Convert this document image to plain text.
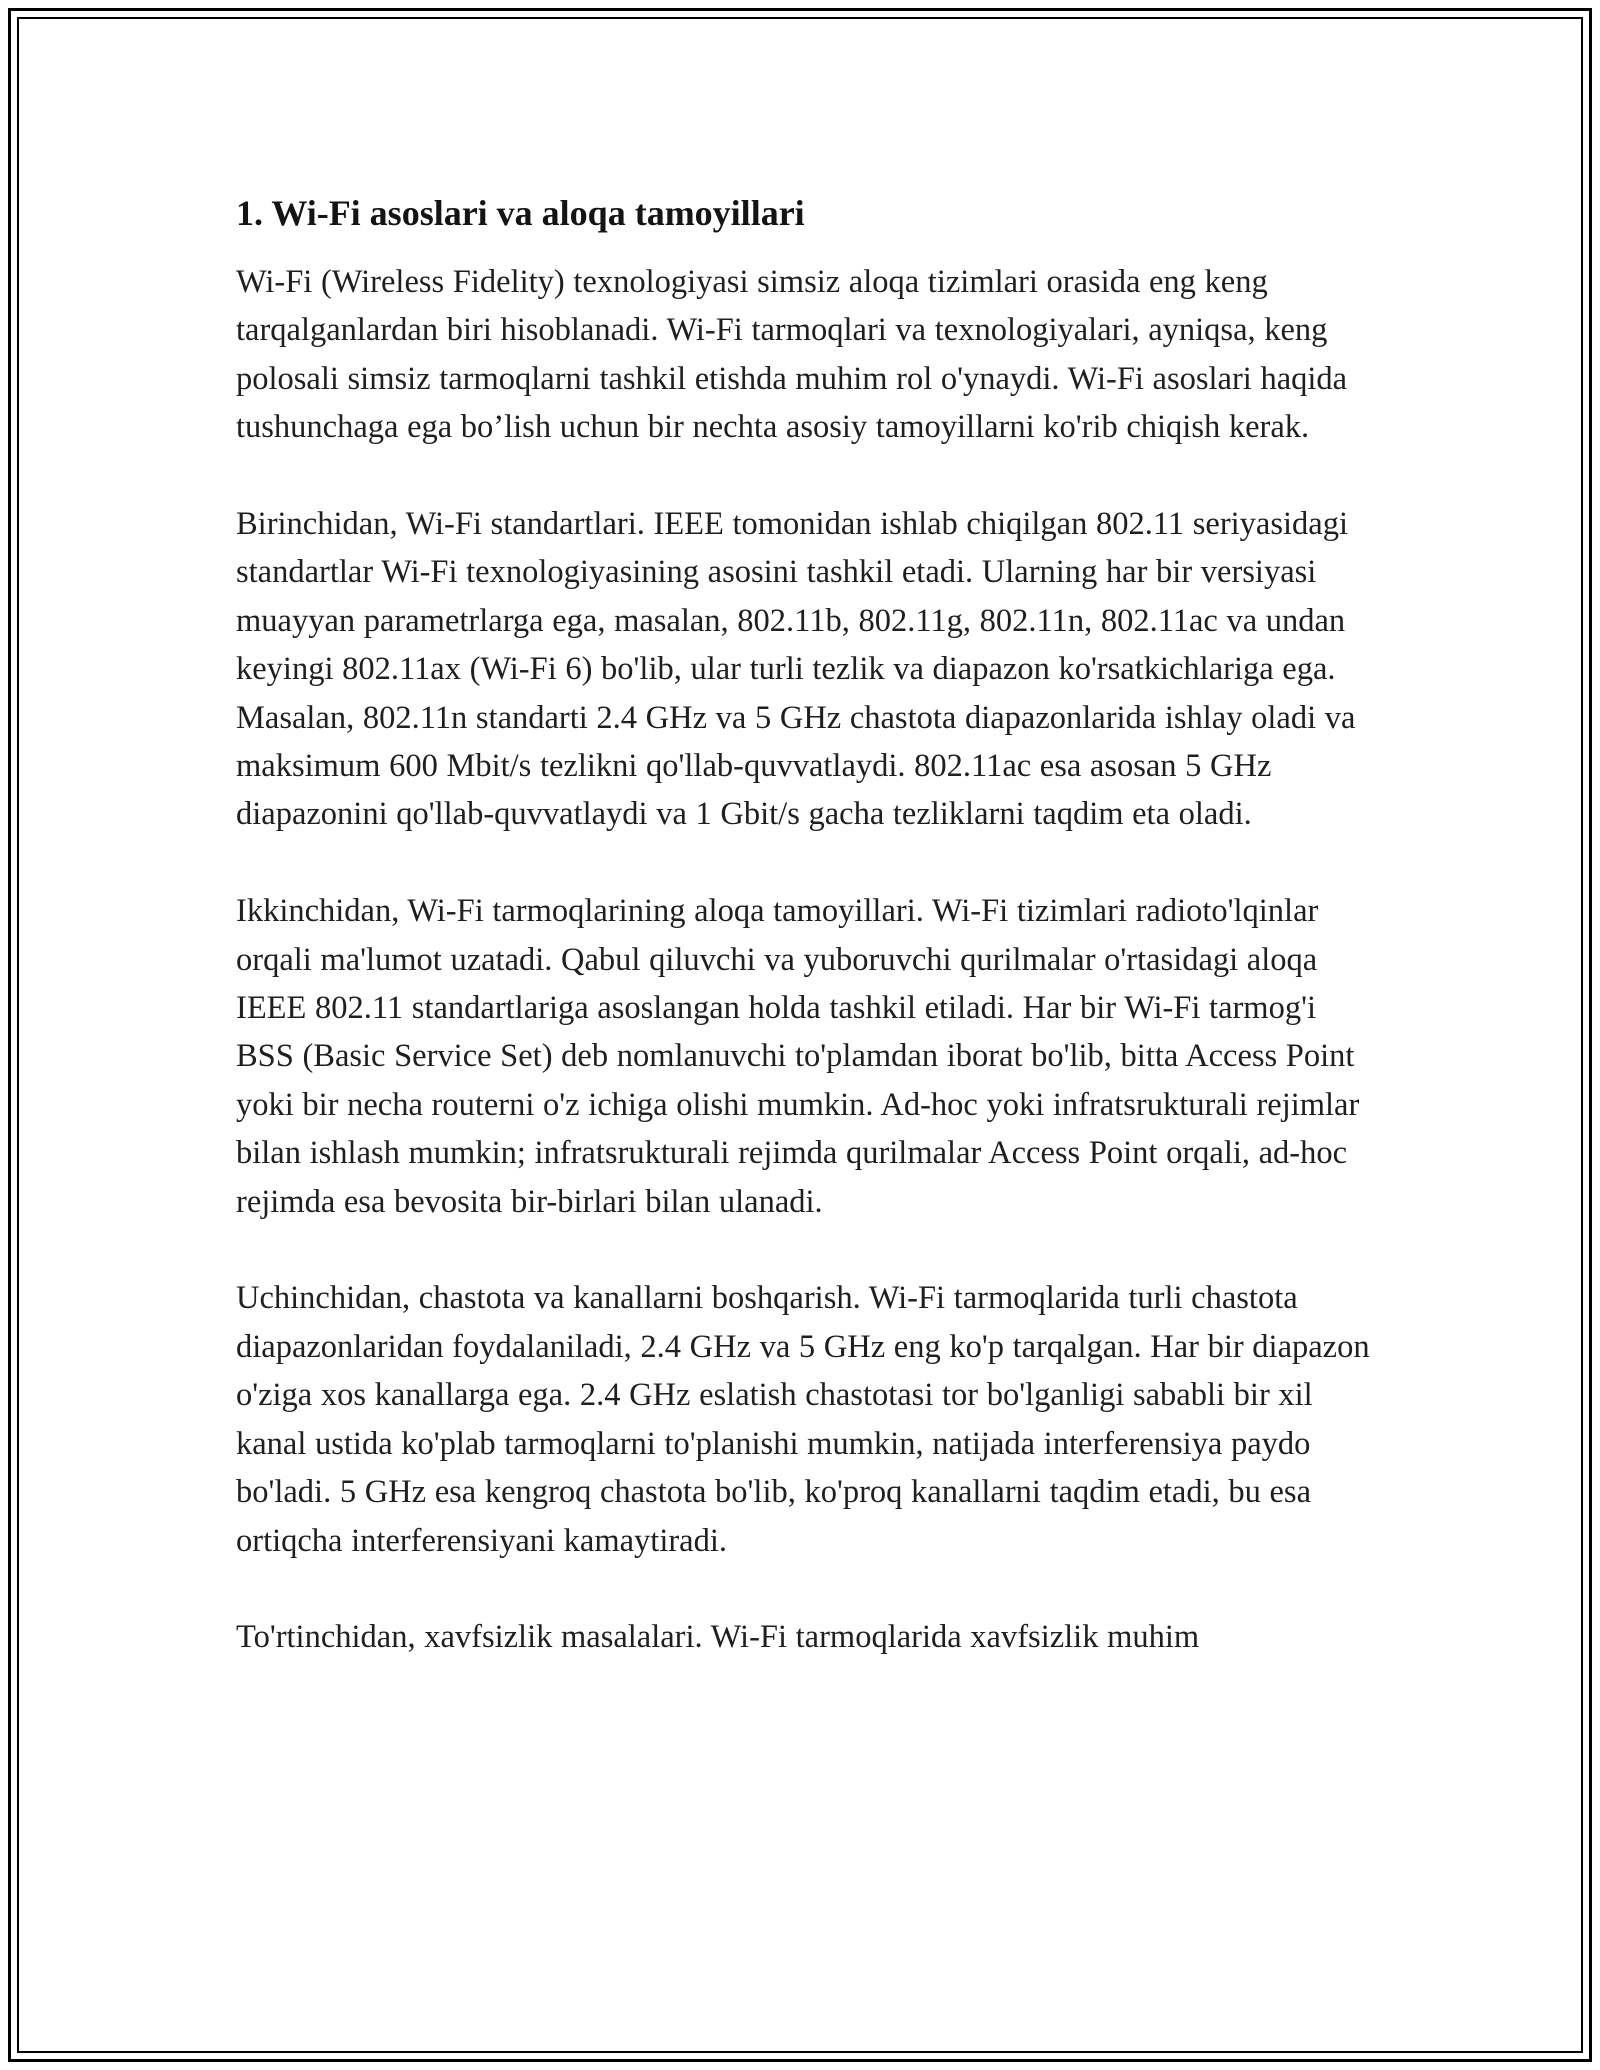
1. Wi-Fi asoslari va aloqa tamoyillari

Wi-Fi (Wireless Fidelity) texnologiyasi simsiz aloqa tizimlari orasida eng keng tarqalganlardan biri hisoblanadi. Wi-Fi tarmoqlari va texnologiyalari, ayniqsa, keng polosali simsiz tarmoqlarni tashkil etishda muhim rol o'ynaydi. Wi-Fi asoslari haqida tushunchaga ega bo’lish uchun bir nechta asosiy tamoyillarni ko'rib chiqish kerak.

Birinchidan, Wi-Fi standartlari. IEEE tomonidan ishlab chiqilgan 802.11 seriyasidagi standartlar Wi-Fi texnologiyasining asosini tashkil etadi. Ularning har bir versiyasi muayyan parametrlarga ega, masalan, 802.11b, 802.11g, 802.11n, 802.11ac va undan keyingi 802.11ax (Wi-Fi 6) bo'lib, ular turli tezlik va diapazon ko'rsatkichlariga ega. Masalan, 802.11n standarti 2.4 GHz va 5 GHz chastota diapazonlarida ishlay oladi va maksimum 600 Mbit/s tezlikni qo'llab-quvvatlaydi. 802.11ac esa asosan 5 GHz diapazonini qo'llab-quvvatlaydi va 1 Gbit/s gacha tezliklarni taqdim eta oladi.

Ikkinchidan, Wi-Fi tarmoqlarining aloqa tamoyillari. Wi-Fi tizimlari radioto'lqinlar orqali ma'lumot uzatadi. Qabul qiluvchi va yuboruvchi qurilmalar o'rtasidagi aloqa IEEE 802.11 standartlariga asoslangan holda tashkil etiladi. Har bir Wi-Fi tarmog'i BSS (Basic Service Set) deb nomlanuvchi to'plamdan iborat bo'lib, bitta Access Point yoki bir necha routerni o'z ichiga olishi mumkin. Ad-hoc yoki infratsrukturali rejimlar bilan ishlash mumkin; infratsrukturali rejimda qurilmalar Access Point orqali, ad-hoc rejimda esa bevosita bir-birlari bilan ulanadi.

Uchinchidan, chastota va kanallarni boshqarish. Wi-Fi tarmoqlarida turli chastota diapazonlaridan foydalaniladi, 2.4 GHz va 5 GHz eng ko'p tarqalgan. Har bir diapazon o'ziga xos kanallarga ega. 2.4 GHz eslatish chastotasi tor bo'lganligi sababli bir xil kanal ustida ko'plab tarmoqlarni to'planishi mumkin, natijada interferensiya paydo bo'ladi. 5 GHz esa kengroq chastota bo'lib, ko'proq kanallarni taqdim etadi, bu esa ortiqcha interferensiyani kamaytiradi.

To'rtinchidan, xavfsizlik masalalari. Wi-Fi tarmoqlarida xavfsizlik muhim
